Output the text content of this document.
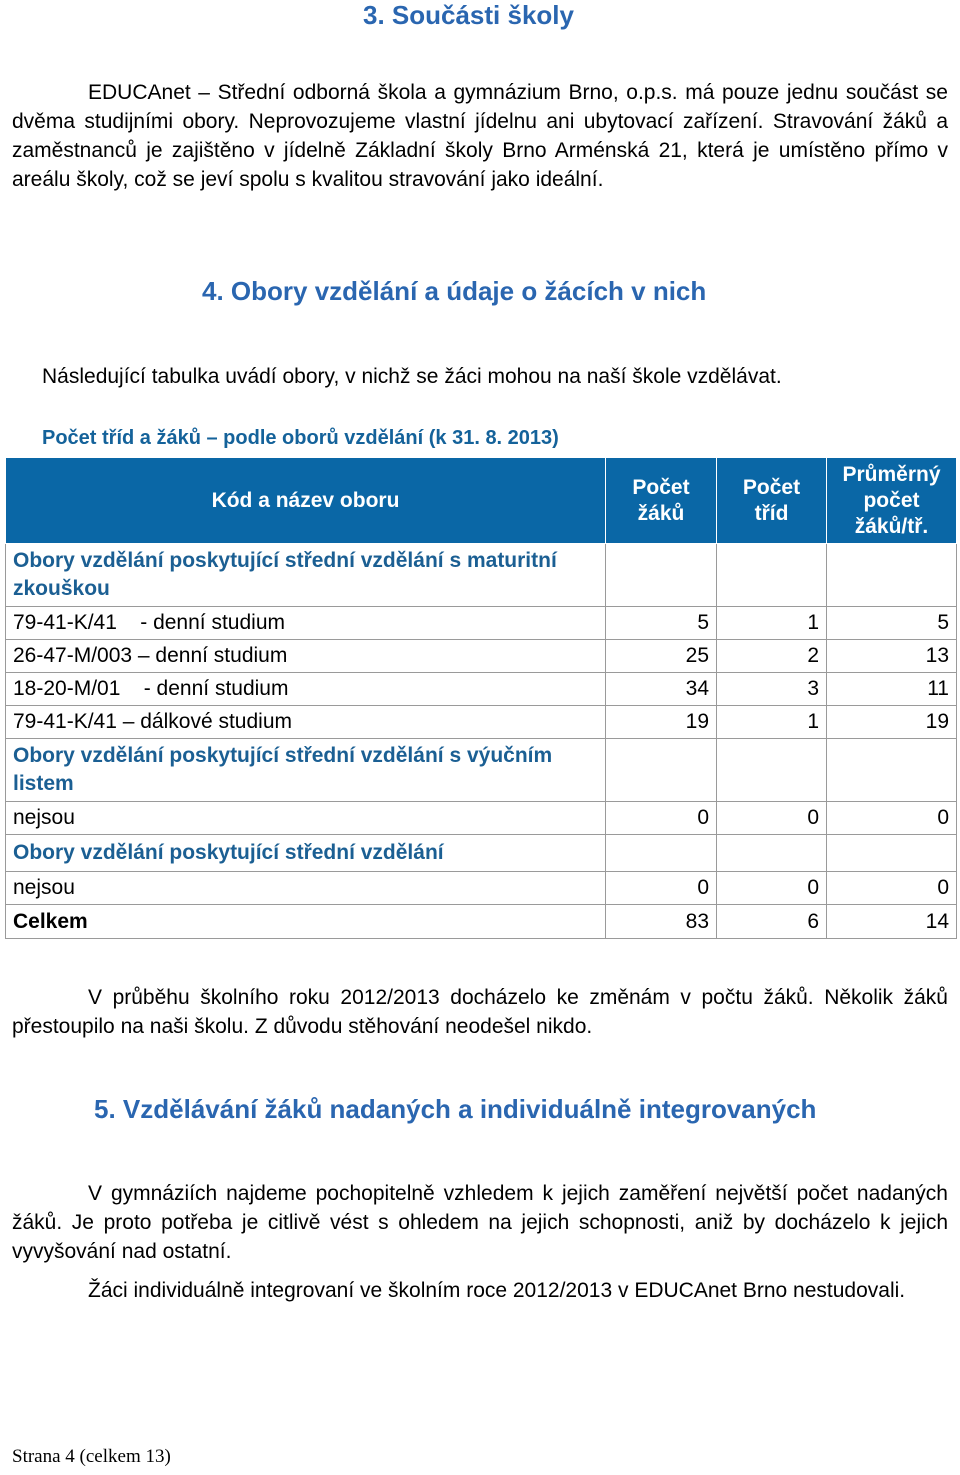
3. Součásti školy
EDUCAnet – Střední odborná škola a gymnázium Brno, o.p.s. má pouze jednu součást se dvěma studijními obory. Neprovozujeme vlastní jídelnu ani ubytovací zařízení. Stravování žáků a zaměstnanců je zajištěno v jídelně Základní školy Brno Arménská 21, která je umístěno přímo v areálu školy, což se jeví spolu s kvalitou stravování jako ideální.
4. Obory vzdělání a údaje o žácích v nich
Následující tabulka uvádí obory, v nichž se žáci mohou na naší škole vzdělávat.
Počet tříd a žáků – podle oborů vzdělání (k 31. 8. 2013)
Kód a název oboru	Počet žáků	Počet tříd	Průměrný počet žáků/tř.
Obory vzdělání poskytující střední vzdělání s maturitní zkouškou			
79-41-K/41    - denní studium	5	1	5
26-47-M/003 – denní studium	25	2	13
18-20-M/01    - denní studium	34	3	11
79-41-K/41 – dálkové studium	19	1	19
Obory vzdělání poskytující střední vzdělání s výučním listem			
nejsou	0	0	0
Obory vzdělání poskytující střední vzdělání			
nejsou	0	0	0
Celkem	83	6	14
V průběhu školního roku 2012/2013 docházelo ke změnám v počtu žáků. Několik žáků přestoupilo na naši školu. Z důvodu stěhování neodešel nikdo.
5. Vzdělávání žáků nadaných a individuálně integrovaných
V gymnáziích najdeme pochopitelně vzhledem k jejich zaměření největší počet nadaných žáků. Je proto potřeba je citlivě vést s ohledem na jejich schopnosti, aniž by docházelo k jejich vyvyšování nad ostatní.
Žáci individuálně integrovaní ve školním roce 2012/2013 v EDUCAnet Brno nestudovali.
Strana 4 (celkem 13)
